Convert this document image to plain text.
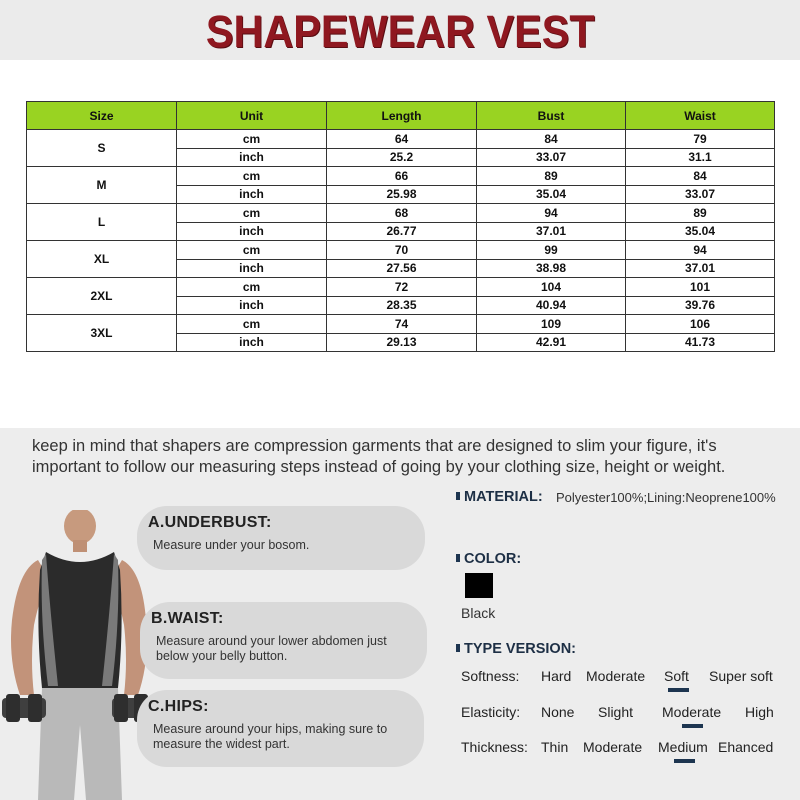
SHAPEWEAR VEST
Size	Unit	Length	Bust	Waist
S	cm	64	84	79
	inch	25.2	33.07	31.1
M	cm	66	89	84
	inch	25.98	35.04	33.07
L	cm	68	94	89
	inch	26.77	37.01	35.04
XL	cm	70	99	94
	inch	27.56	38.98	37.01
2XL	cm	72	104	101
	inch	28.35	40.94	39.76
3XL	cm	74	109	106
	inch	29.13	42.91	41.73
keep in mind that shapers are compression garments that are designed to slim your figure, it's
important to follow our measuring steps instead of going by your clothing size, height or weight.
A.UNDERBUST:
Measure under your bosom.
B.WAIST:
Measure around your lower abdomen just
below your belly button.
C.HIPS:
Measure around your hips, making sure to
measure the widest part.
MATERIAL: Polyester100%;Lining:Neoprene100%
COLOR:
Black
TYPE VERSION:
Softness: Hard Moderate Soft Super soft
Elasticity: None Slight Moderate High
Thickness: Thin Moderate Medium Ehanced
